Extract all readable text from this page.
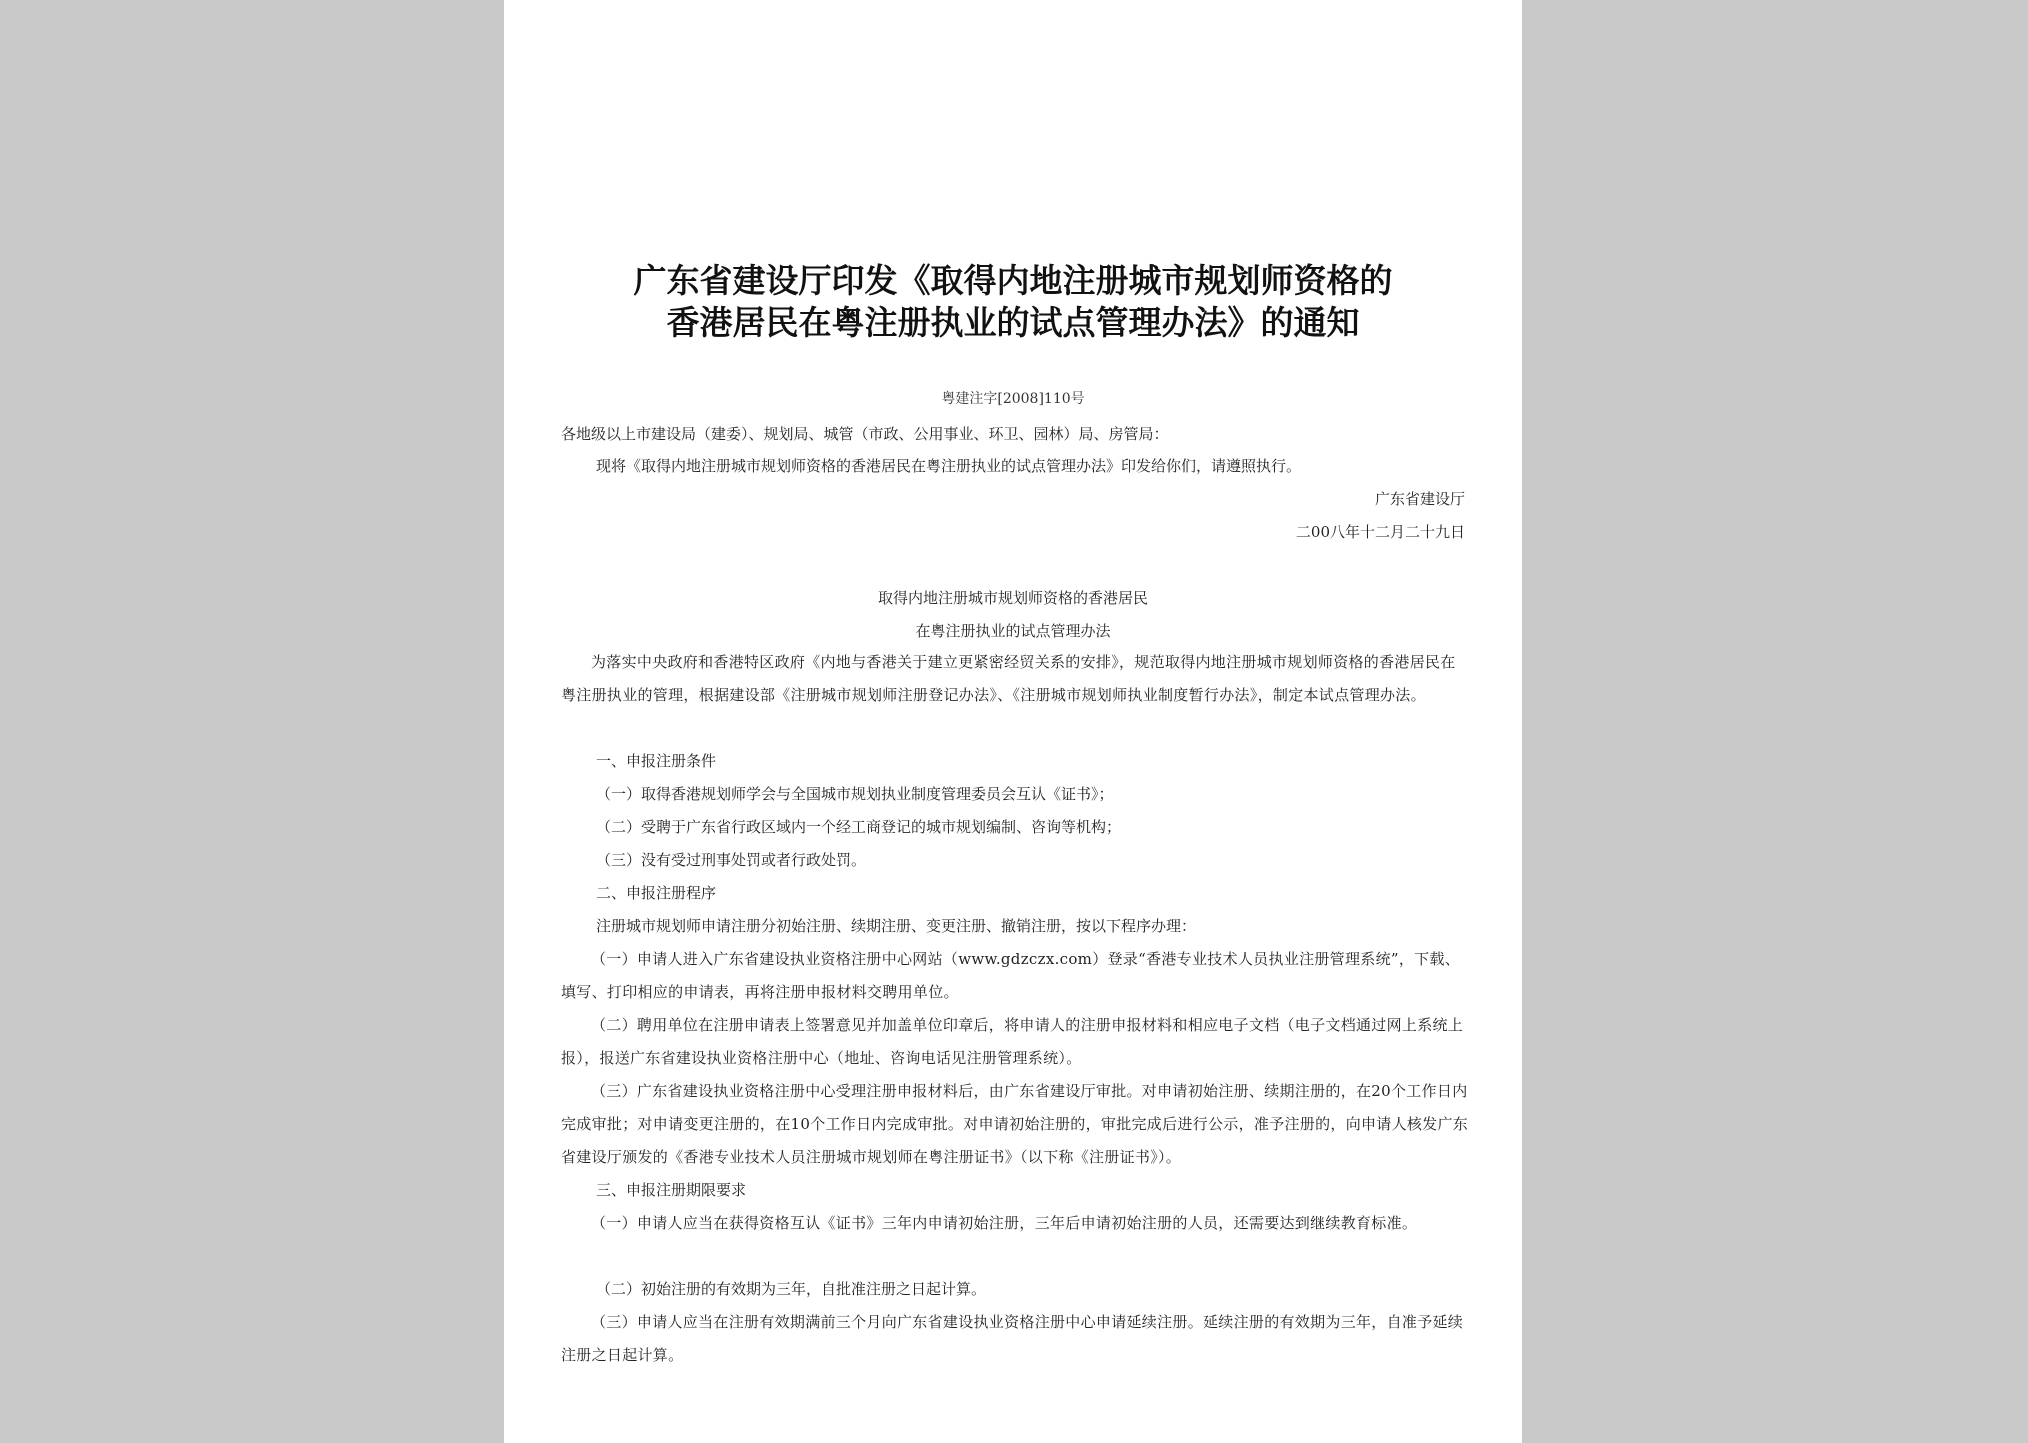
广东省建设厅印发《取得内地注册城市规划师资格的
香港居民在粤注册执业的试点管理办法》的通知
粤建注字[2008]110号
各地级以上市建设局（建委）、规划局、城管（市政、公用事业、环卫、园林）局、房管局：
现将《取得内地注册城市规划师资格的香港居民在粤注册执业的试点管理办法》印发给你们，请遵照执行。
广东省建设厅
二00八年十二月二十九日
取得内地注册城市规划师资格的香港居民
在粤注册执业的试点管理办法
为落实中央政府和香港特区政府《内地与香港关于建立更紧密经贸关系的安排》，规范取得内地注册城市规划师资格的香港居民在粤注册执业的管理，根据建设部《注册城市规划师注册登记办法》、《注册城市规划师执业制度暂行办法》，制定本试点管理办法。
一、申报注册条件
（一）取得香港规划师学会与全国城市规划执业制度管理委员会互认《证书》；
（二）受聘于广东省行政区域内一个经工商登记的城市规划编制、咨询等机构；
（三）没有受过刑事处罚或者行政处罚。
二、申报注册程序
注册城市规划师申请注册分初始注册、续期注册、变更注册、撤销注册，按以下程序办理：
（一）申请人进入广东省建设执业资格注册中心网站（www.gdzczx.com）登录“香港专业技术人员执业注册管理系统”，下载、填写、打印相应的申请表，再将注册申报材料交聘用单位。
（二）聘用单位在注册申请表上签署意见并加盖单位印章后，将申请人的注册申报材料和相应电子文档（电子文档通过网上系统上报），报送广东省建设执业资格注册中心（地址、咨询电话见注册管理系统）。
（三）广东省建设执业资格注册中心受理注册申报材料后，由广东省建设厅审批。对申请初始注册、续期注册的，在20个工作日内完成审批；对申请变更注册的，在10个工作日内完成审批。对申请初始注册的，审批完成后进行公示，准予注册的，向申请人核发广东省建设厅颁发的《香港专业技术人员注册城市规划师在粤注册证书》（以下称《注册证书》）。
三、申报注册期限要求
（一）申请人应当在获得资格互认《证书》三年内申请初始注册，三年后申请初始注册的人员，还需要达到继续教育标准。
（二）初始注册的有效期为三年，自批准注册之日起计算。
（三）申请人应当在注册有效期满前三个月向广东省建设执业资格注册中心申请延续注册。延续注册的有效期为三年，自准予延续注册之日起计算。
